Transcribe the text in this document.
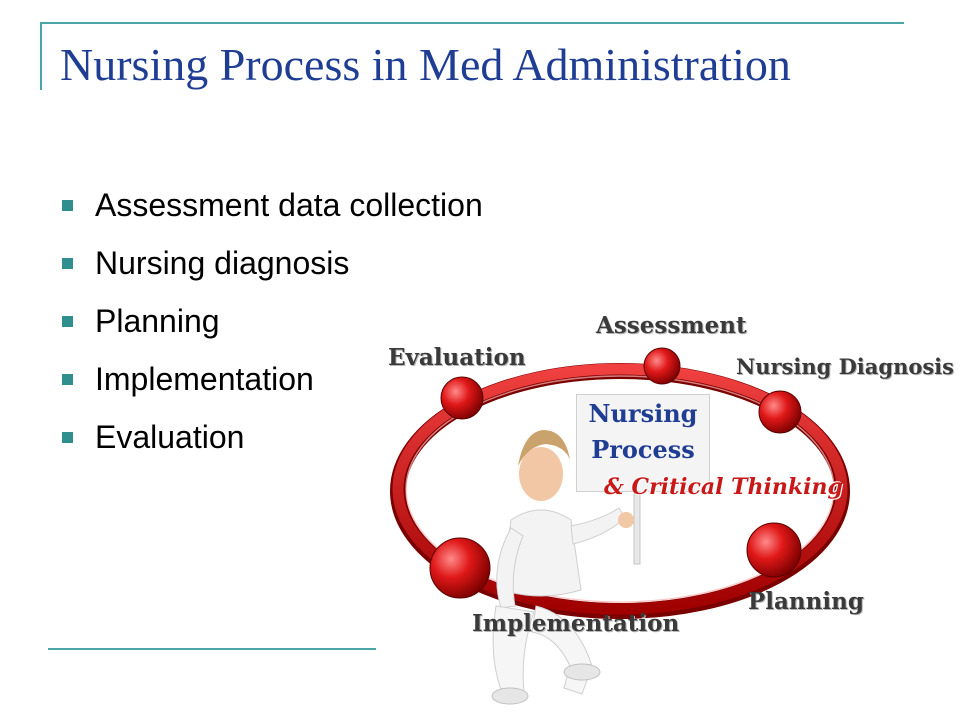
Nursing Process in Med Administration
Assessment data collection
Nursing diagnosis
Planning
Implementation
Evaluation
Nursing
Process
& Critical Thinking
Assessment
Nursing Diagnosis
Evaluation
Planning
Implementation
